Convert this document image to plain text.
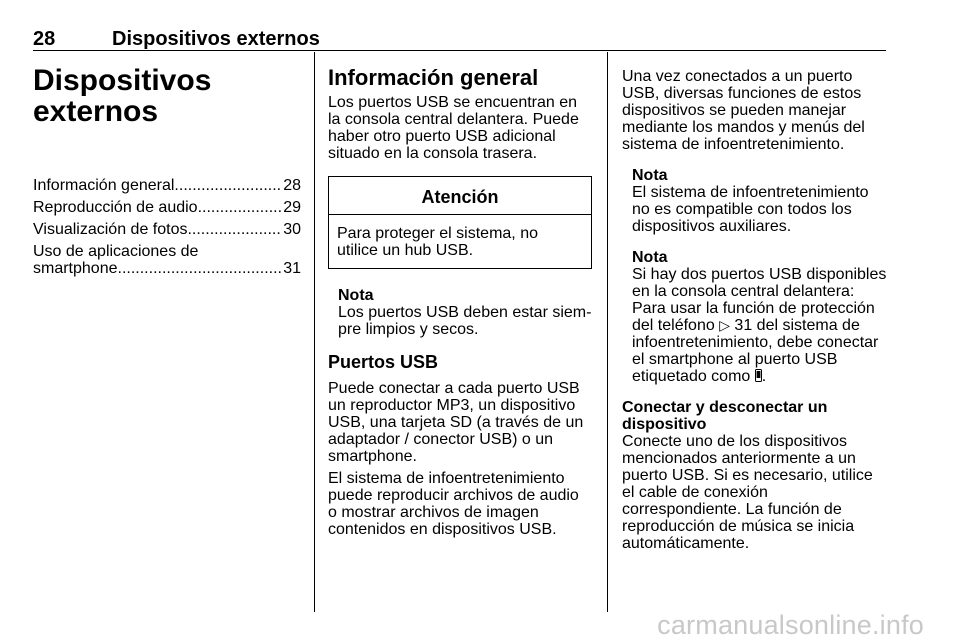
28	Dispositivos externos
Dispositivos
externos
Información general .....	28
Reproducción de audio .....	29
Visualización de fotos .....	30
Uso de aplicaciones de
smartphone .....	31
Información general

Los puertos USB se encuentran en la consola central delantera. Puede haber otro puerto USB adicional situado en la consola trasera.

Atención
Para proteger el sistema, no utilice un hub USB.
Nota
Los puertos USB deben estar siempre limpios y secos.
Puertos USB

Puede conectar a cada puerto USB un reproductor MP3, un dispositivo USB, una tarjeta SD (a través de un adaptador / conector USB) o un smartphone.

El sistema de infoentretenimiento puede reproducir archivos de audio o mostrar archivos de imagen contenidos en dispositivos USB.

Una vez conectados a un puerto USB, diversas funciones de estos dispositivos se pueden manejar mediante los mandos y menús del sistema de infoentretenimiento.

Nota
El sistema de infoentretenimiento no es compatible con todos los dispositivos auxiliares.
Nota
Si hay dos puertos USB disponibles en la consola central delantera: Para usar la función de protección del teléfono ▷ 31 del sistema de infoentretenimiento, debe conectar el smartphone al puerto USB etiquetado como .
Conectar y desconectar un
dispositivo

Conecte uno de los dispositivos mencionados anteriormente a un puerto USB. Si es necesario, utilice el cable de conexión correspondiente. La función de reproducción de música se inicia automáticamente.

carmanualsonline.info
